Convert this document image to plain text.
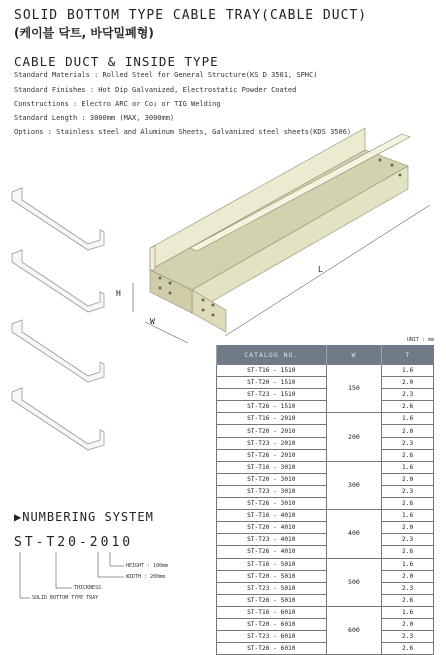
SOLID BOTTOM TYPE CABLE TRAY(CABLE DUCT)
(케이블 닥트, 바닥밀폐형)
CABLE DUCT & INSIDE TYPE
Standard Materials : Rolled Steel for General Structure(KS D 3501, SPHC)
Standard Finishes : Hot Dip Galvanized, Electrostatic Powder Coated
Constructions : Electro ARC or Co₂ or TIG Welding
Standard Length : 3000mm (MAX, 3000mm)
Options : Stainless steel and Aluminum Sheets, Galvanized steel sheets(KDS 3506)
H
W
L
UNIT : mm
CATALOG NO.	W	T
ST-T16 - 1510	150	1.6
ST-T20 - 1510		2.0
ST-T23 - 1510		2.3
ST-T26 - 1510		2.6
ST-T16 - 2010	200	1.6
ST-T20 - 2010		2.0
ST-T23 - 2010		2.3
ST-T26 - 2010		2.6
ST-T16 - 3010	300	1.6
ST-T20 - 3010		2.0
ST-T23 - 3010		2.3
ST-T26 - 3010		2.6
ST-T16 - 4010	400	1.6
ST-T20 - 4010		2.0
ST-T23 - 4010		2.3
ST-T26 - 4010		2.6
ST-T16 - 5010	500	1.6
ST-T20 - 5010		2.0
ST-T23 - 5010		2.3
ST-T26 - 5010		2.6
ST-T16 - 6010	600	1.6
ST-T20 - 6010		2.0
ST-T23 - 6010		2.3
ST-T26 - 6010		2.6
▶NUMBERING SYSTEM
ST-T20-2010
HEIGHT : 100mm
WIDTH : 200mm
THICKNESS
SOLID BOTTOM TYPE TRAY
